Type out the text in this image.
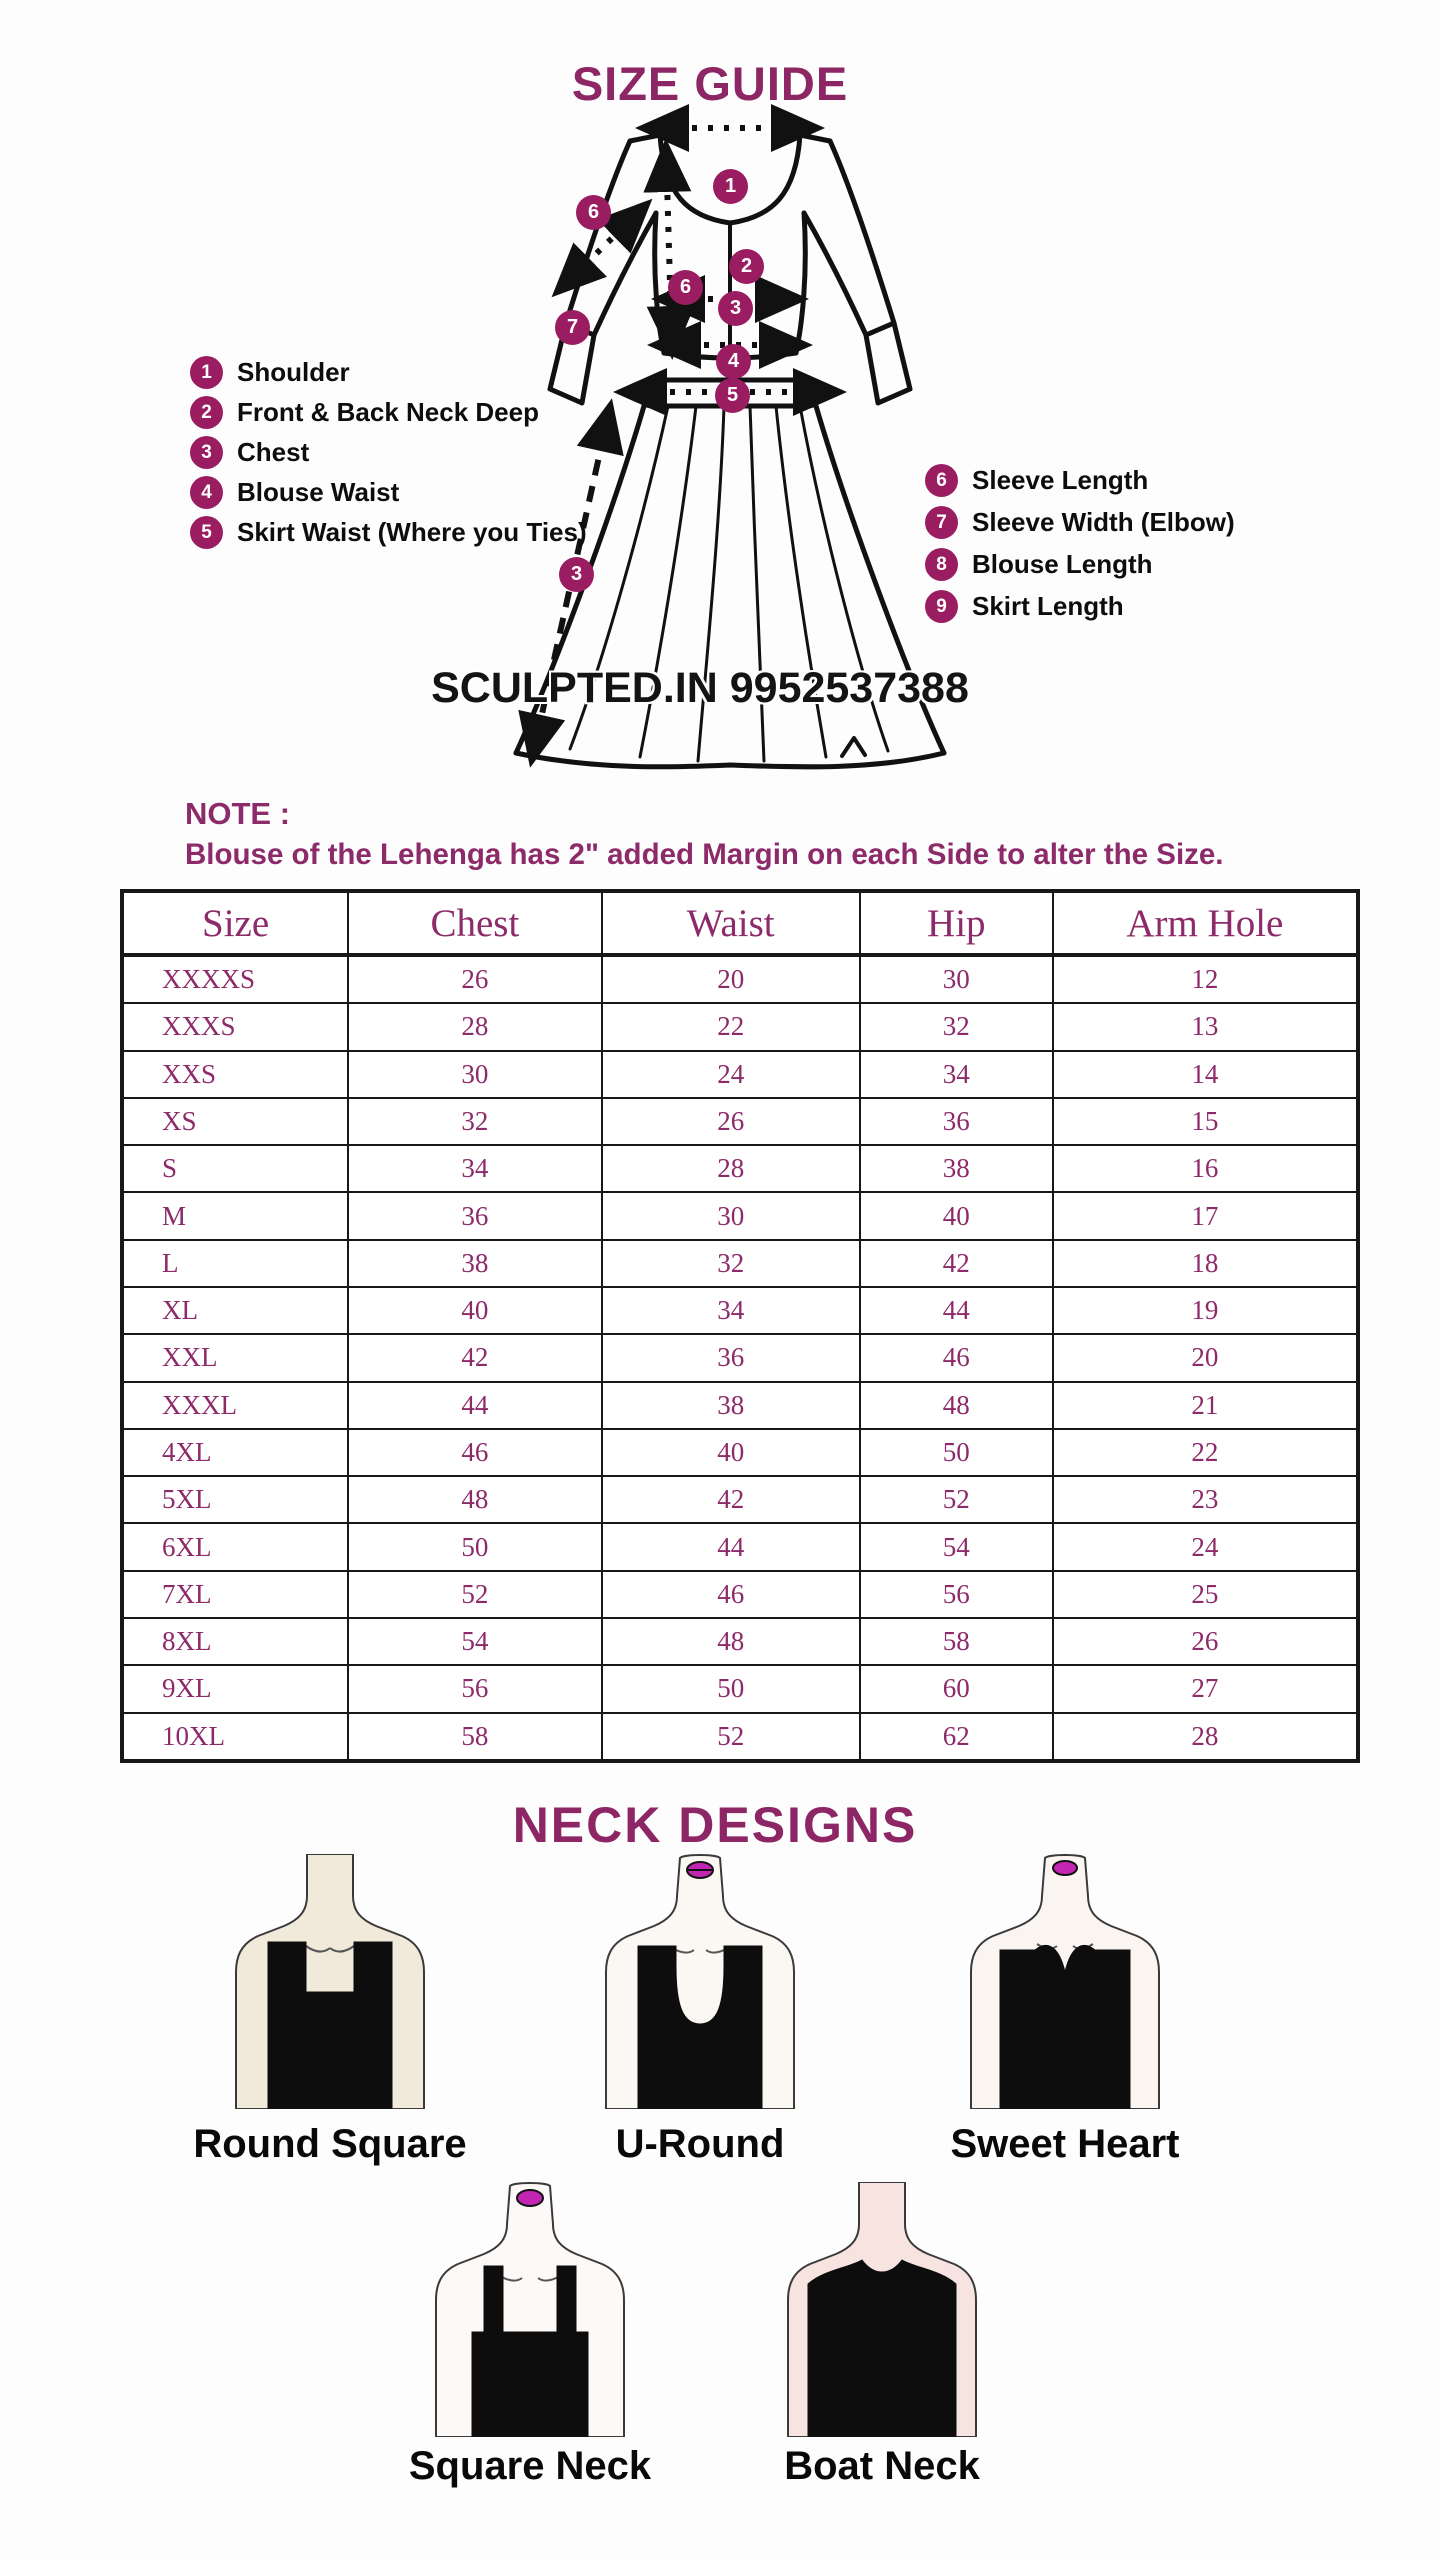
SIZE GUIDE
1
6
2
6
3
7
4
5
3
1 Shoulder
2 Front & Back Neck Deep
3 Chest
4 Blouse Waist
5 Skirt Waist (Where you Ties)
6 Sleeve Length
7 Sleeve Width (Elbow)
8 Blouse Length
9 Skirt Length
SCULPTED.IN 9952537388
NOTE :
Blouse of the Lehenga has 2" added Margin on each Side to alter the Size.
Size	Chest	Waist	Hip	Arm Hole
XXXXS	26	20	30	12
XXXS	28	22	32	13
XXS	30	24	34	14
XS	32	26	36	15
S	34	28	38	16
M	36	30	40	17
L	38	32	42	18
XL	40	34	44	19
XXL	42	36	46	20
XXXL	44	38	48	21
4XL	46	40	50	22
5XL	48	42	52	23
6XL	50	44	54	24
7XL	52	46	56	25
8XL	54	48	58	26
9XL	56	50	60	27
10XL	58	52	62	28
NECK DESIGNS
Round Square	U-Round	Sweet Heart
Square Neck	Boat Neck
